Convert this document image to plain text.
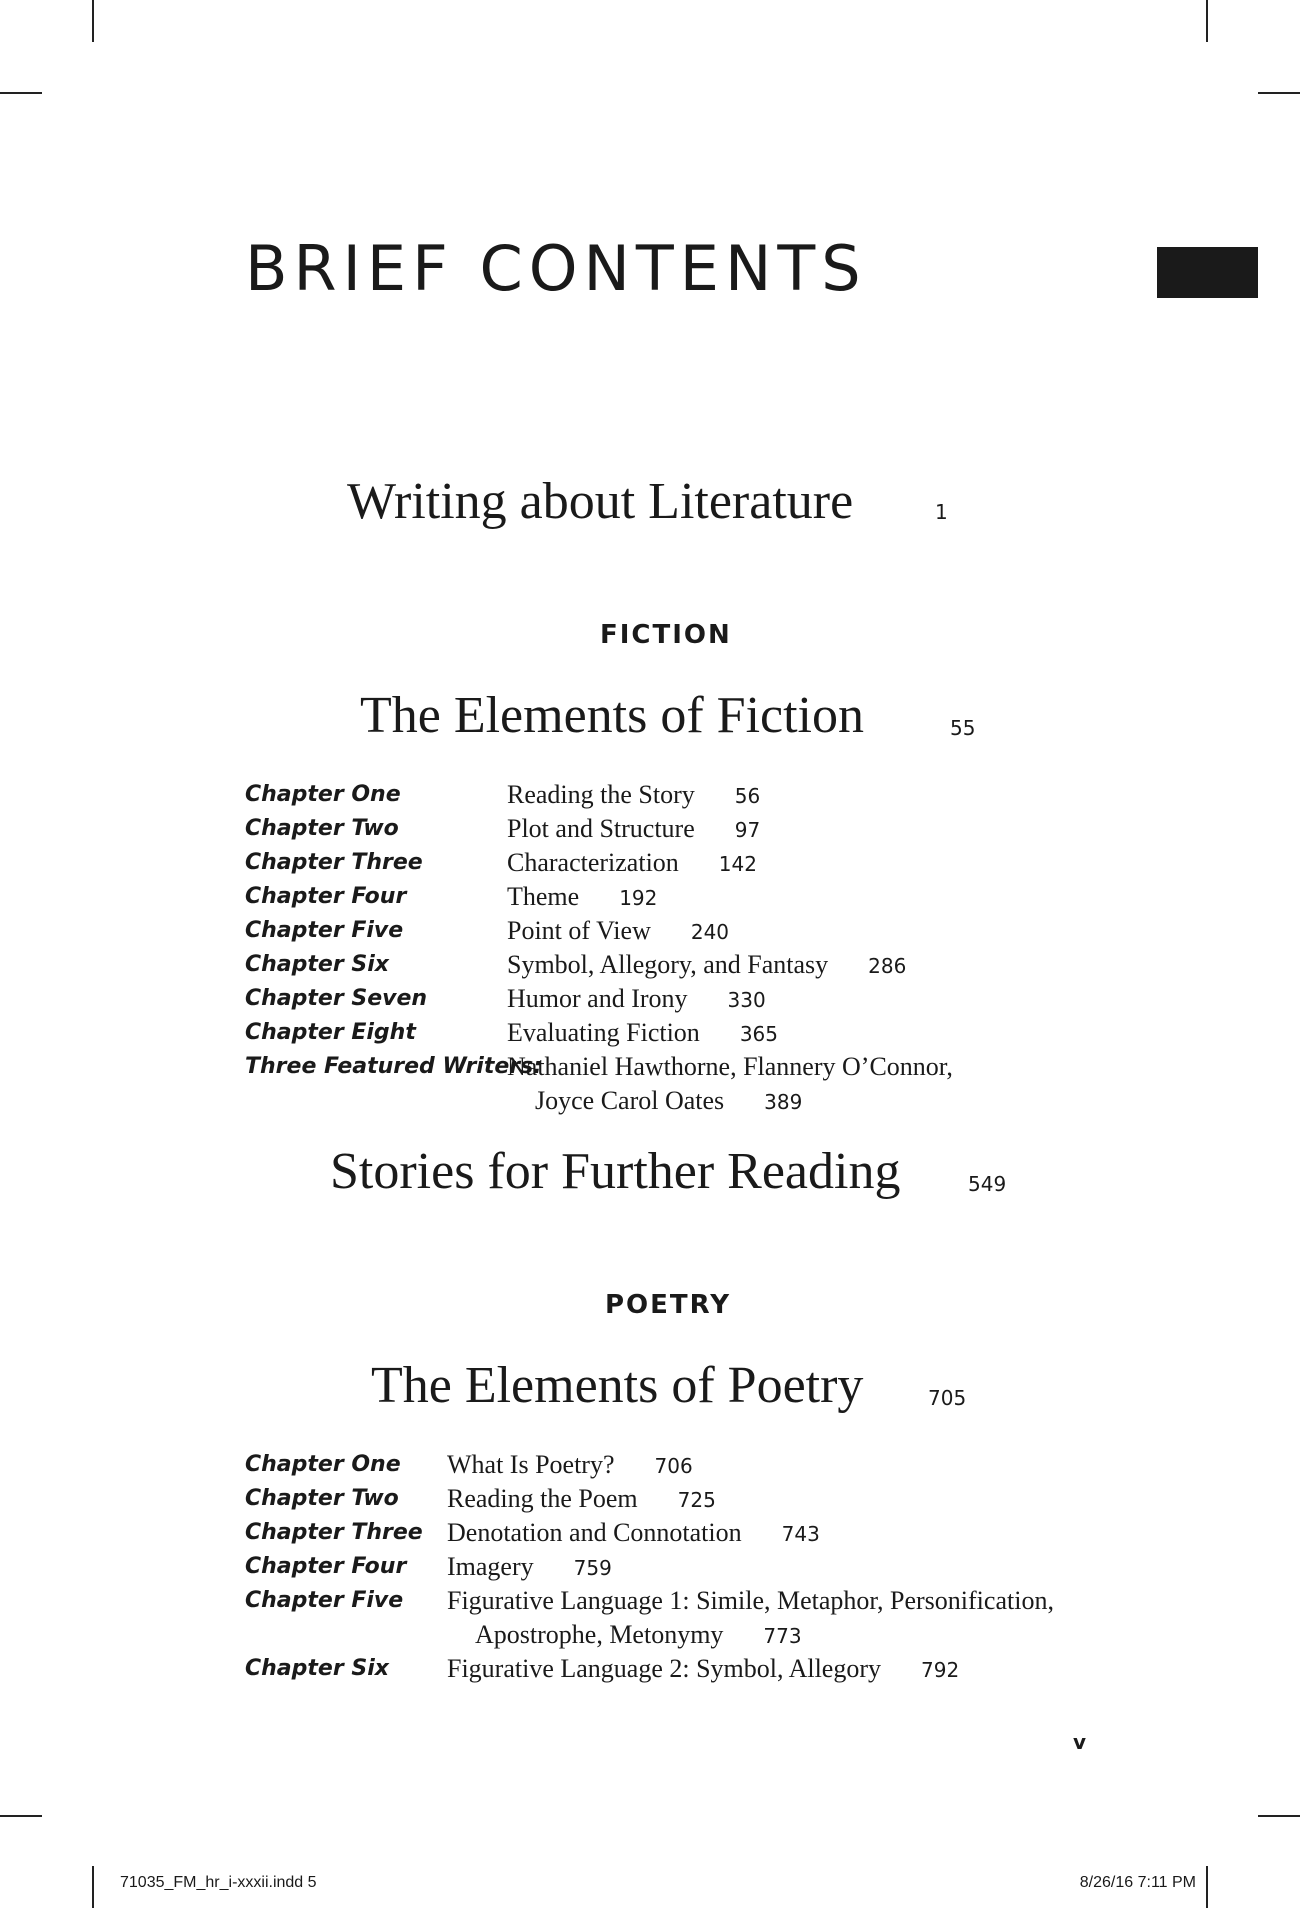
BRIEF CONTENTS
Writing about Literature	1
FICTION
The Elements of Fiction	55
Chapter One	Reading the Story 56
Chapter Two	Plot and Structure 97
Chapter Three	Characterization 142
Chapter Four	Theme 192
Chapter Five	Point of View 240
Chapter Six	Symbol, Allegory, and Fantasy 286
Chapter Seven	Humor and Irony 330
Chapter Eight	Evaluating Fiction 365
Three Featured Writers:
Nathaniel Hawthorne, Flannery O’Connor,
Joyce Carol Oates 389
Stories for Further Reading	549
POETRY
The Elements of Poetry	705
Chapter One What Is Poetry? 706
Chapter Two Reading the Poem 725
Chapter Three Denotation and Connotation 743
Chapter Four Imagery 759
Chapter Five Figurative Language 1: Simile, Metaphor, Personification,
Apostrophe, Metonymy 773
Chapter Six Figurative Language 2: Symbol, Allegory 792
v
71035_FM_hr_i-xxxii.indd 5	8/26/16 7:11 PM
